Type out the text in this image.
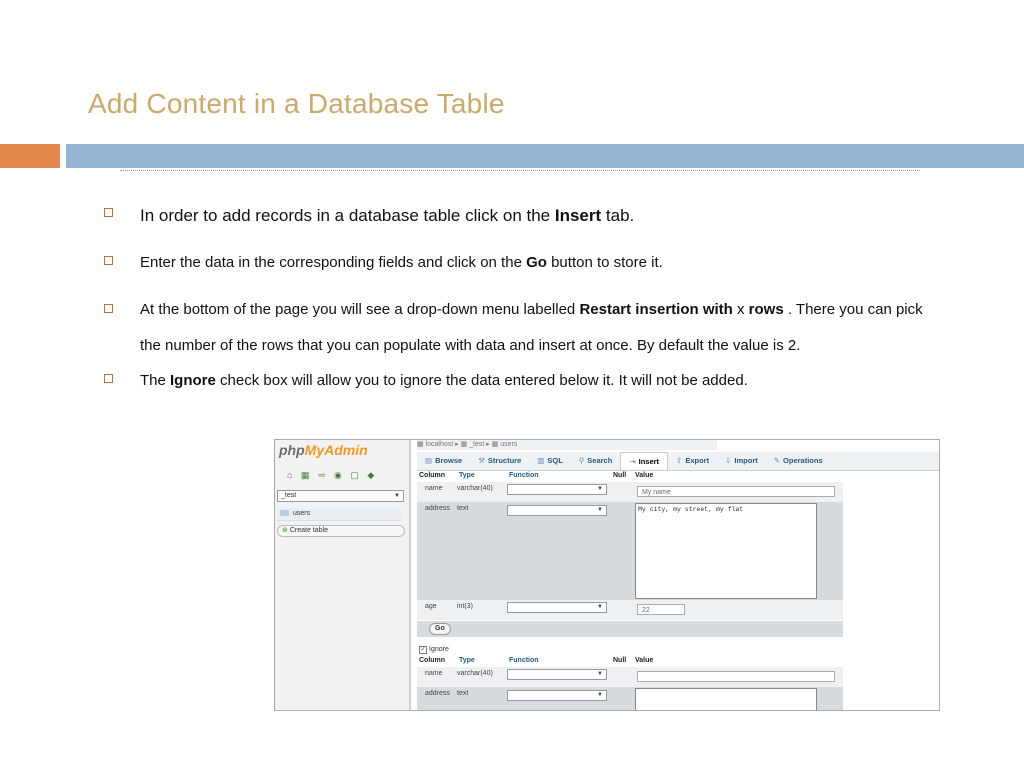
Add Content in a Database Table
In order to add records in a database table click on the Insert tab.
Enter the data in the corresponding fields and click on the Go button to store it.
At the bottom of the page you will see a drop-down menu labelled Restart insertion with x rows . There you can pick the number of the rows that you can populate with data and insert at once. By default the value is 2.
The Ignore check box will allow you to ignore the data entered below it. It will not be added.
phpMyAdmin
⌂ ▦ ⇨ ◉ ▢ ◆
_test	▼
users
⊕ Create table
▦ localhost ▸ ▦ _test ▸ ▦ users
▤ Browse	⚒ Structure	▥ SQL	⚲ Search	⇥ Insert	⇪ Export	⇩ Import	✎ Operations
Column Type	Function	Null Value
name varchar(40)	▼	My name
address text	▼	My city, my street, my flat
age	int(3)	▼	22
Go
✓ Ignore
Column Type	Function	Null Value
name varchar(40)	▼
address text	▼
